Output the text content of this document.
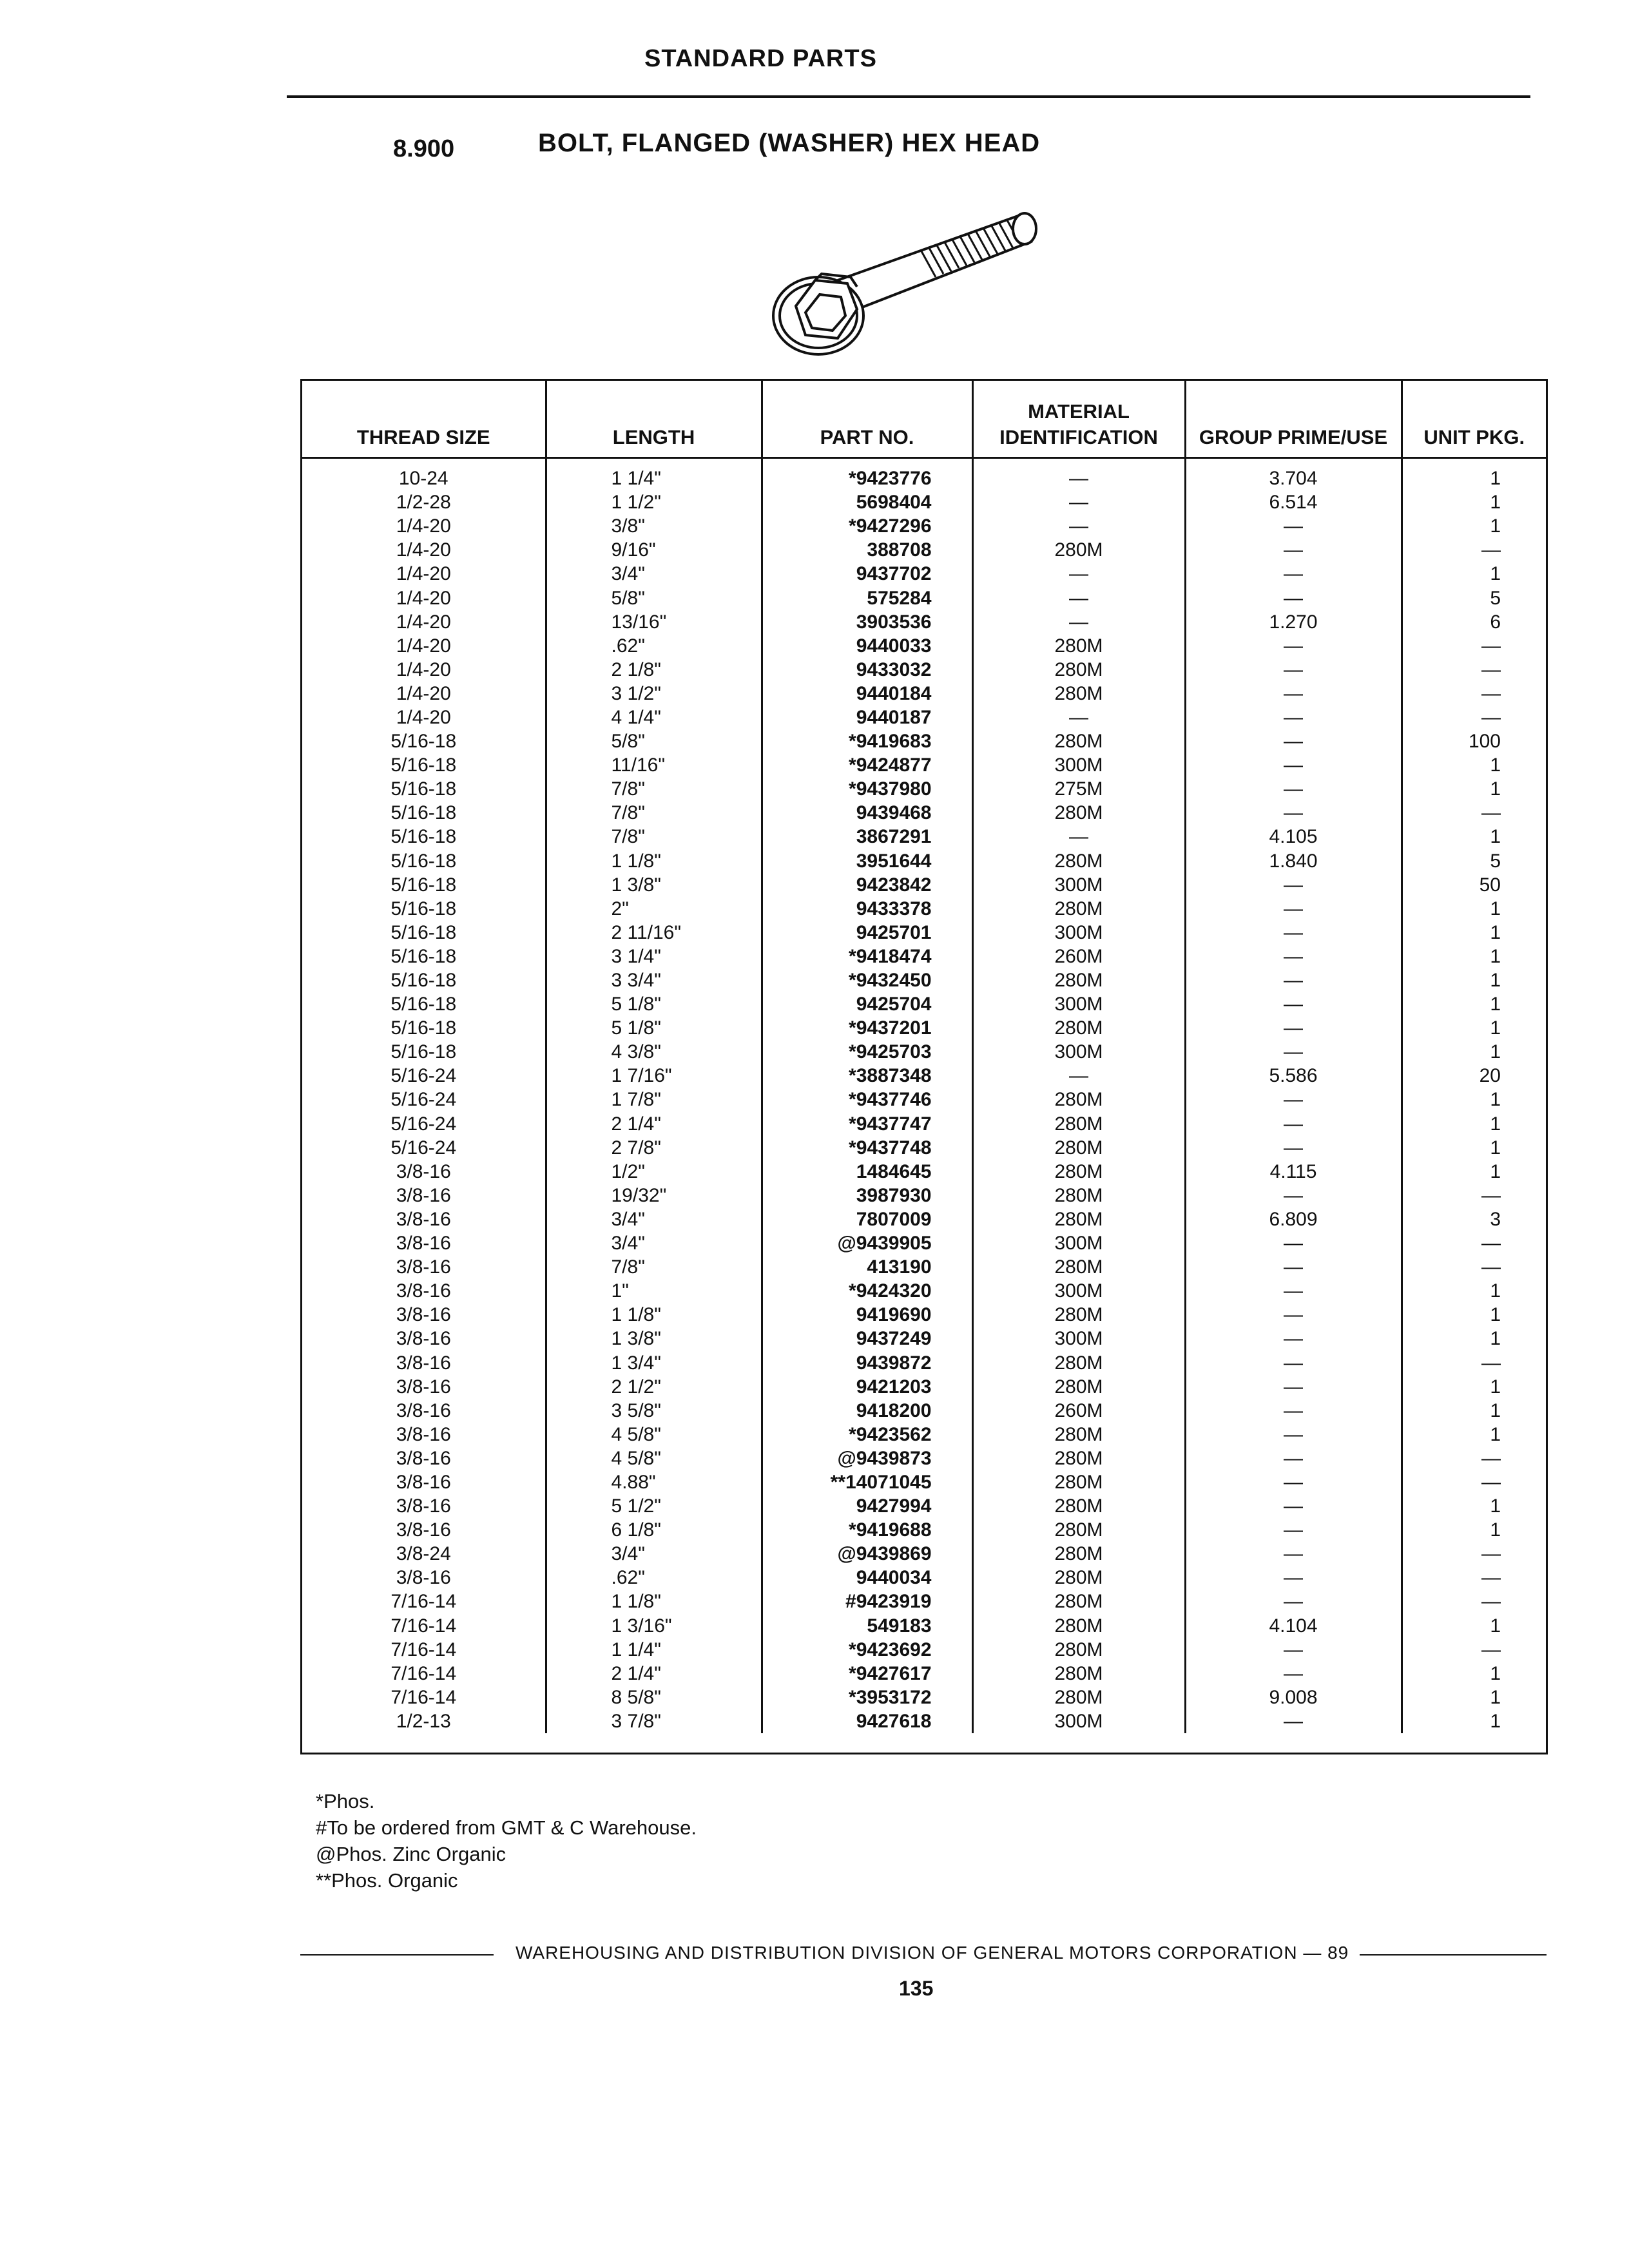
STANDARD PARTS
8.900	BOLT, FLANGED (WASHER) HEX HEAD
THREAD SIZE	LENGTH	PART NO.	MATERIAL IDENTIFICATION	GROUP PRIME/USE	UNIT PKG.
10-24	1 1/4"	*9423776	—	3.704	1
1/2-28	1 1/2"	5698404	—	6.514	1
1/4-20	3/8"	*9427296	—	—	1
1/4-20	9/16"	388708	280M	—	—
1/4-20	3/4"	9437702	—	—	1
1/4-20	5/8"	575284	—	—	5
1/4-20	13/16"	3903536	—	1.270	6
1/4-20	.62"	9440033	280M	—	—
1/4-20	2 1/8"	9433032	280M	—	—
1/4-20	3 1/2"	9440184	280M	—	—
1/4-20	4 1/4"	9440187	—	—	—
5/16-18	5/8"	*9419683	280M	—	100
5/16-18	11/16"	*9424877	300M	—	1
5/16-18	7/8"	*9437980	275M	—	1
5/16-18	7/8"	9439468	280M	—	—
5/16-18	7/8"	3867291	—	4.105	1
5/16-18	1 1/8"	3951644	280M	1.840	5
5/16-18	1 3/8"	9423842	300M	—	50
5/16-18	2"	9433378	280M	—	1
5/16-18	2 11/16"	9425701	300M	—	1
5/16-18	3 1/4"	*9418474	260M	—	1
5/16-18	3 3/4"	*9432450	280M	—	1
5/16-18	5 1/8"	9425704	300M	—	1
5/16-18	5 1/8"	*9437201	280M	—	1
5/16-18	4 3/8"	*9425703	300M	—	1
5/16-24	1 7/16"	*3887348	—	5.586	20
5/16-24	1 7/8"	*9437746	280M	—	1
5/16-24	2 1/4"	*9437747	280M	—	1
5/16-24	2 7/8"	*9437748	280M	—	1
3/8-16	1/2"	1484645	280M	4.115	1
3/8-16	19/32"	3987930	280M	—	—
3/8-16	3/4"	7807009	280M	6.809	3
3/8-16	3/4"	@9439905	300M	—	—
3/8-16	7/8"	413190	280M	—	—
3/8-16	1"	*9424320	300M	—	1
3/8-16	1 1/8"	9419690	280M	—	1
3/8-16	1 3/8"	9437249	300M	—	1
3/8-16	1 3/4"	9439872	280M	—	—
3/8-16	2 1/2"	9421203	280M	—	1
3/8-16	3 5/8"	9418200	260M	—	1
3/8-16	4 5/8"	*9423562	280M	—	1
3/8-16	4 5/8"	@9439873	280M	—	—
3/8-16	4.88"	**14071045	280M	—	—
3/8-16	5 1/2"	9427994	280M	—	1
3/8-16	6 1/8"	*9419688	280M	—	1
3/8-24	3/4"	@9439869	280M	—	—
3/8-16	.62"	9440034	280M	—	—
7/16-14	1 1/8"	#9423919	280M	—	—
7/16-14	1 3/16"	549183	280M	4.104	1
7/16-14	1 1/4"	*9423692	280M	—	—
7/16-14	2 1/4"	*9427617	280M	—	1
7/16-14	8 5/8"	*3953172	280M	9.008	1
1/2-13	3 7/8"	9427618	300M	—	1
*Phos.
#To be ordered from GMT & C Warehouse.
@Phos. Zinc Organic
**Phos. Organic
WAREHOUSING AND DISTRIBUTION DIVISION OF GENERAL MOTORS CORPORATION — 89
135
